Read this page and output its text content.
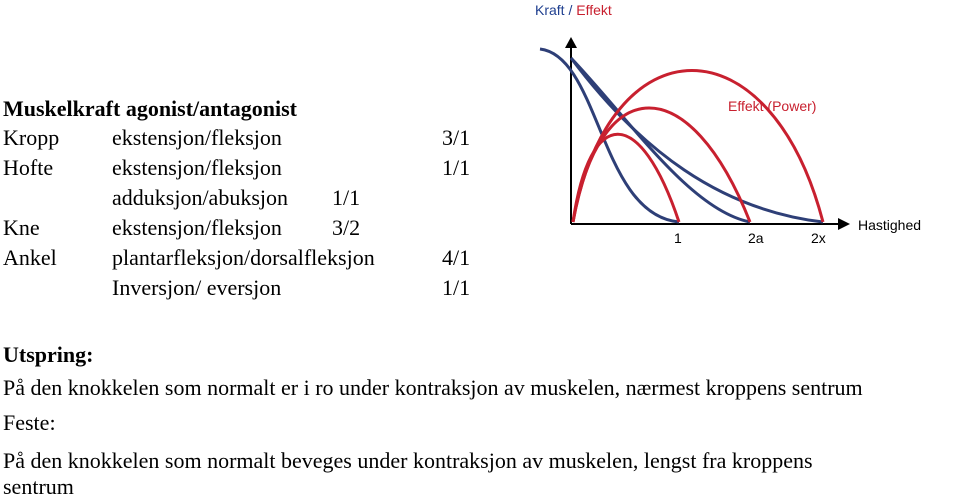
Muskelkraft agonist/antagonist
Kropp ekstensjon/fleksjon	3/1
Hofte	ekstensjon/fleksjon	1/1
adduksjon/abuksjon 1/1
Kne	ekstensjon/fleksjon 3/2
Ankel	plantarfleksjon/dorsalfleksjon	4/1
Inversjon/ eversjon	1/1
Kraft / Effekt
Effekt (Power)
Hastighed
1	2a	2x
Utspring:
På den knokkelen som normalt er i ro under kontraksjon av muskelen, nærmest kroppens sentrum
Feste:
På den knokkelen som normalt beveges under kontraksjon av muskelen, lengst fra kroppens
sentrum
